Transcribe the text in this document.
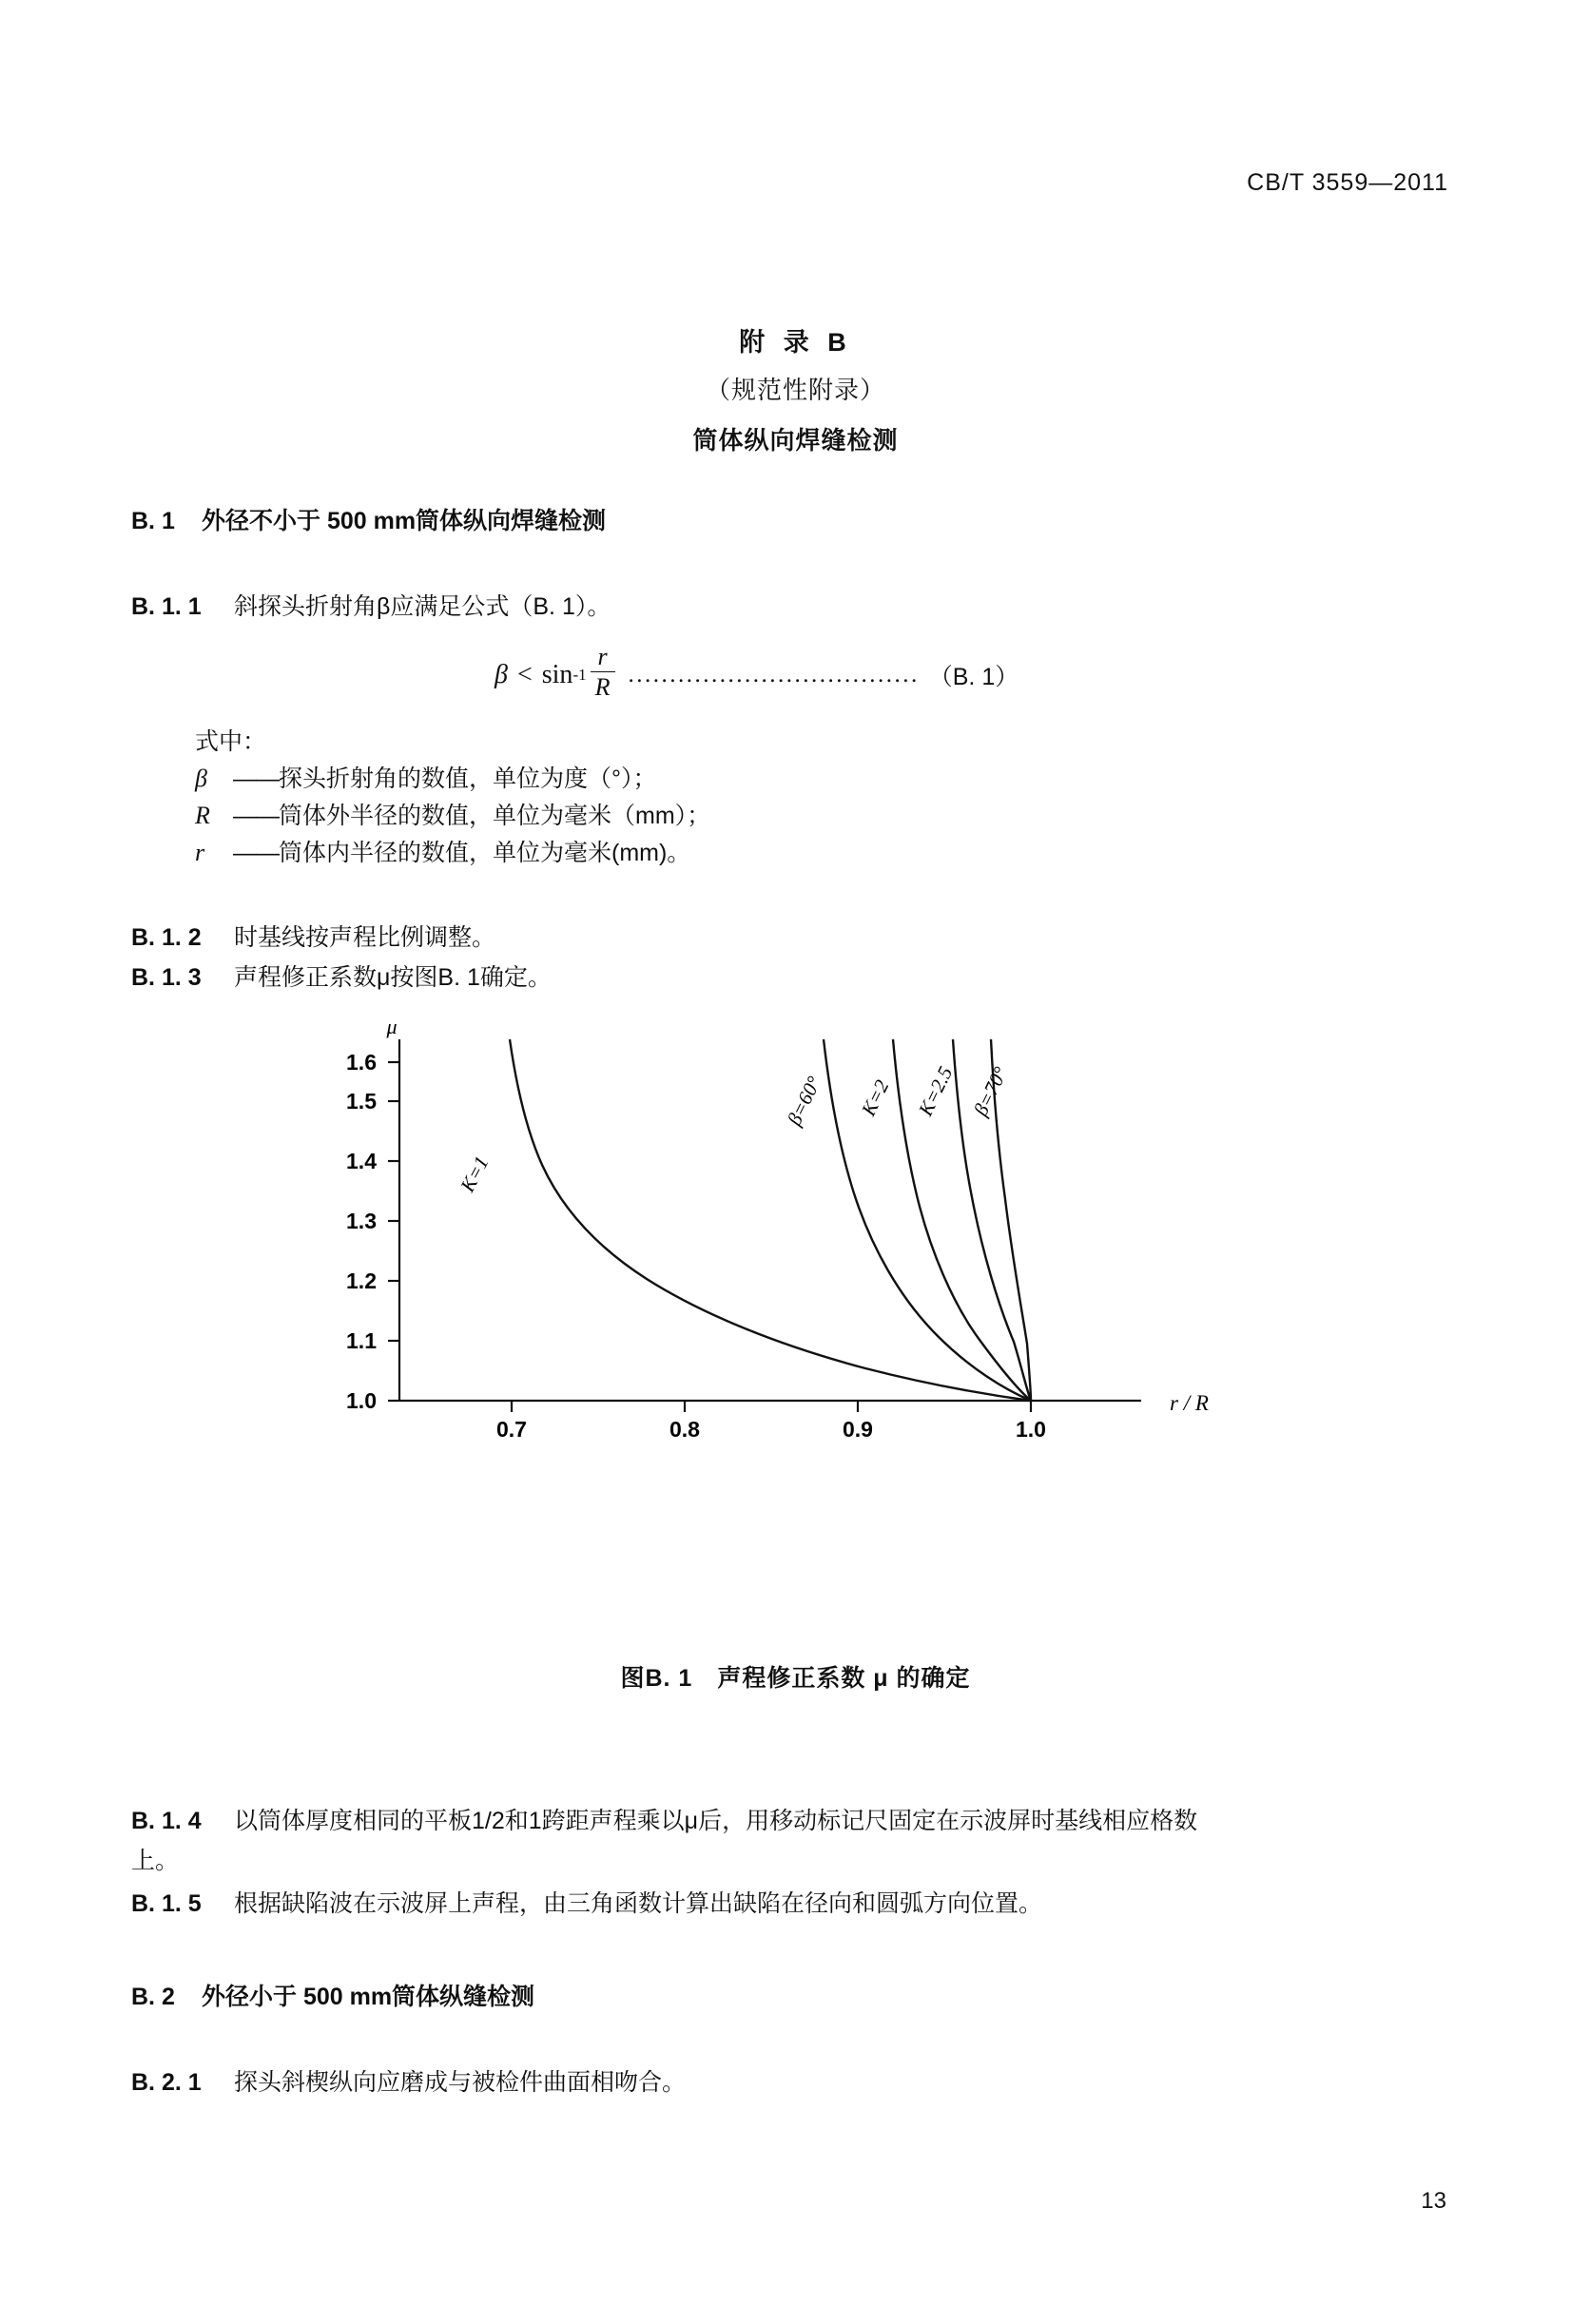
CB/T 3559—2011
附 录 B
（规范性附录）
筒体纵向焊缝检测
B. 1 外径不小于 500 mm筒体纵向焊缝检测
B. 1. 1 斜探头折射角β应满足公式（B. 1）。
$\beta < \sin -1 \frac{r}{R}$ ................................... （B. 1）
式中：
β ——探头折射角的数值，单位为度（°）；
R ——筒体外半径的数值，单位为毫米（mm）；
r ——筒体内半径的数值，单位为毫米(mm)。
B. 1. 2 时基线按声程比例调整。
B. 1. 3 声程修正系数μ按图B. 1确定。
1.0
1.1
1.2
1.3
1.4
1.5
1.6
0.7	0.8	0.9	1.0
μ
r / R
K=1
β=60° K=2 K=2.5 β=70°
图B. 1　声程修正系数 μ 的确定
B. 1. 4 以筒体厚度相同的平板1/2和1跨距声程乘以μ后，用移动标记尺固定在示波屏时基线相应格数
上。
B. 1. 5 根据缺陷波在示波屏上声程，由三角函数计算出缺陷在径向和圆弧方向位置。
B. 2 外径小于 500 mm筒体纵缝检测
B. 2. 1 探头斜楔纵向应磨成与被检件曲面相吻合。
13
